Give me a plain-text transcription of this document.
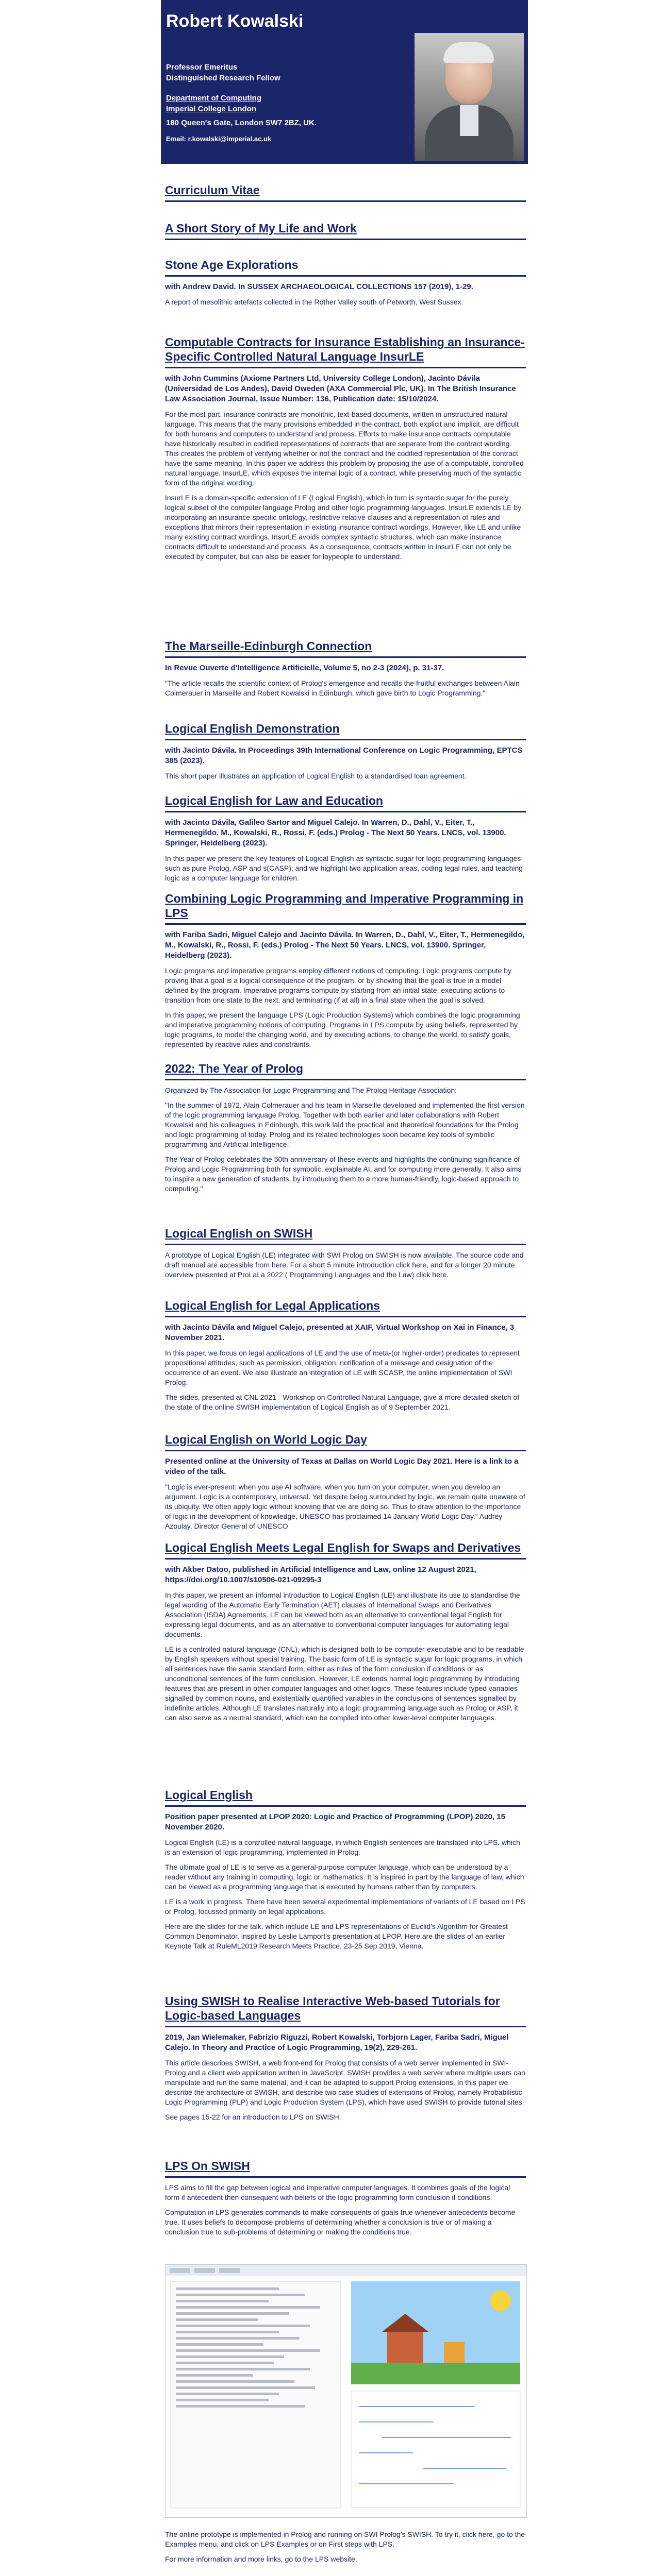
Robert Kowalski
Professor Emeritus
Distinguished Research Fellow
Department of Computing
Imperial College London
180 Queen's Gate, London SW7 2BZ, UK.
Email: r.kowalski@imperial.ac.uk
Curriculum Vitae
A Short Story of My Life and Work
Stone Age Explorations
with Andrew David. In SUSSEX ARCHAEOLOGICAL COLLECTIONS 157 (2019), 1-29.

A report of mesolithic artefacts collected in the Rother Valley south of Petworth, West Sussex.

Computable Contracts for Insurance Establishing an Insurance-Specific Controlled Natural Language InsurLE
with John Cummins (Axiome Partners Ltd, University College London), Jacinto Dávila (Universidad de Los Andes), David Oweden (AXA Commercial Plc, UK). In The British Insurance Law Association Journal, Issue Number: 136, Publication date: 15/10/2024.

For the most part, insurance contracts are monolithic, text-based documents, written in unstructured natural language. This means that the many provisions embedded in the contract, both explicit and implicit, are difficult for both humans and computers to understand and process. Efforts to make insurance contracts computable have historically resulted in codified representations of contracts that are separate from the contract wording. This creates the problem of verifying whether or not the contract and the codified representation of the contract have the same meaning. In this paper we address this problem by proposing the use of a computable, controlled natural language, InsurLE, which exposes the internal logic of a contract, while preserving much of the syntactic form of the original wording.

InsurLE is a domain-specific extension of LE (Logical English), which in turn is syntactic sugar for the purely logical subset of the computer language Prolog and other logic programming languages. InsurLE extends LE by incorporating an insurance-specific ontology, restrictive relative clauses and a representation of rules and exceptions that mirrors their representation in existing insurance contract wordings. However, like LE and unlike many existing contract wordings, InsurLE avoids complex syntactic structures, which can make insurance contracts difficult to understand and process. As a consequence, contracts written in InsurLE can not only be executed by computer, but can also be easier for laypeople to understand.

The Marseille-Edinburgh Connection
In Revue Ouverte d'Intelligence Artificielle, Volume 5, no 2-3 (2024), p. 31-37.

"The article recalls the scientific context of Prolog's emergence and recalls the fruitful exchanges between Alain Colmerauer in Marseille and Robert Kowalski in Edinburgh, which gave birth to Logic Programming."

Logical English Demonstration
with Jacinto Dávila. In Proceedings 39th International Conference on Logic Programming, EPTCS 385 (2023).

This short paper illustrates an application of Logical English to a standardised loan agreement.

Logical English for Law and Education
with Jacinto Dávila, Galileo Sartor and Miguel Calejo. In Warren, D., Dahl, V., Eiter, T., Hermenegildo, M., Kowalski, R., Rossi, F. (eds.) Prolog - The Next 50 Years. LNCS, vol. 13900. Springer, Heidelberg (2023).

In this paper we present the key features of Logical English as syntactic sugar for logic programming languages such as pure Prolog, ASP and s(CASP); and we highlight two application areas, coding legal rules, and teaching logic as a computer language for children.

Combining Logic Programming and Imperative Programming in LPS
with Fariba Sadri, Miguel Calejo and Jacinto Dávila. In Warren, D., Dahl, V., Eiter, T., Hermenegildo, M., Kowalski, R., Rossi, F. (eds.) Prolog - The Next 50 Years. LNCS, vol. 13900. Springer, Heidelberg (2023).

Logic programs and imperative programs employ different notions of computing. Logic programs compute by proving that a goal is a logical consequence of the program, or by showing that the goal is true in a model defined by the program. Imperative programs compute by starting from an initial state, executing actions to transition from one state to the next, and terminating (if at all) in a final state when the goal is solved.

In this paper, we present the language LPS (Logic Production Systems) which combines the logic programming and imperative programming notions of computing. Programs in LPS compute by using beliefs, represented by logic programs, to model the changing world, and by executing actions, to change the world, to satisfy goals, represented by reactive rules and constraints.

2022: The Year of Prolog

Organized by The Association for Logic Programming and The Prolog Heritage Association:

"In the summer of 1972, Alain Colmerauer and his team in Marseille developed and implemented the first version of the logic programming language Prolog. Together with both earlier and later collaborations with Robert Kowalski and his colleagues in Edinburgh, this work laid the practical and theoretical foundations for the Prolog and logic programming of today. Prolog and its related technologies soon became key tools of symbolic programming and Artificial Intelligence.

The Year of Prolog celebrates the 50th anniversary of these events and highlights the continuing significance of Prolog and Logic Programming both for symbolic, explainable AI, and for computing more generally. It also aims to inspire a new generation of students, by introducing them to a more human-friendly, logic-based approach to computing."

Logical English on SWISH

A prototype of Logical English (LE) integrated with SWI Prolog on SWISH is now available. The source code and draft manual are accessible from here. For a short 5 minute introduction click here, and for a longer 20 minute overview presented at ProLaLa 2022 ( Programming Languages and the Law) click here.

Logical English for Legal Applications
with Jacinto Dávila and Miguel Calejo, presented at XAIF, Virtual Workshop on Xai in Finance, 3 November 2021.

In this paper, we focus on legal applications of LE and the use of meta-(or higher-order) predicates to represent propositional attitudes, such as permission, obligation, notification of a message and designation of the occurrence of an event. We also illustrate an integration of LE with SCASP, the online implementation of SWI Prolog.

The slides, presented at CNL 2021 - Workshop on Controlled Natural Language, give a more detailed sketch of the state of the online SWISH implementation of Logical English as of 9 September 2021.

Logical English on World Logic Day
Presented online at the University of Texas at Dallas on World Logic Day 2021. Here is a link to a video of the talk.

"Logic is ever-present: when you use AI software, when you turn on your computer, when you develop an argument. Logic is a contemporary, universal. Yet despite being surrounded by logic, we remain quite unaware of its ubiquity. We often apply logic without knowing that we are doing so. Thus to draw attention to the importance of logic in the development of knowledge, UNESCO has proclaimed 14 January World Logic Day." Audrey Azoulay, Director General of UNESCO

Logical English Meets Legal English for Swaps and Derivatives
with Akber Datoo, published in Artificial Intelligence and Law, online 12 August 2021, https://doi.org/10.1007/s10506-021-09295-3

In this paper, we present an informal introduction to Logical English (LE) and illustrate its use to standardise the legal wording of the Automatic Early Termination (AET) clauses of International Swaps and Derivatives Association (ISDA) Agreements. LE can be viewed both as an alternative to conventional legal English for expressing legal documents, and as an alternative to conventional computer languages for automating legal documents.

LE is a controlled natural language (CNL), which is designed both to be computer-executable and to be readable by English speakers without special training. The basic form of LE is syntactic sugar for logic programs, in which all sentences have the same standard form, either as rules of the form conclusion if conditions or as unconditional sentences of the form conclusion. However, LE extends normal logic programming by introducing features that are present in other computer languages and other logics. These features include typed variables signalled by common nouns, and existentially quantified variables in the conclusions of sentences signalled by indefinite articles. Although LE translates naturally into a logic programming language such as Prolog or ASP, it can also serve as a neutral standard, which can be compiled into other lower-level computer languages.

Logical English
Position paper presented at LPOP 2020: Logic and Practice of Programming (LPOP) 2020, 15 November 2020.

Logical English (LE) is a controlled natural language, in which English sentences are translated into LPS, which is an extension of logic programming, implemented in Prolog.

The ultimate goal of LE is to serve as a general-purpose computer language, which can be understood by a reader without any training in computing, logic or mathematics. It is inspired in part by the language of law, which can be viewed as a programming language that is executed by humans rather than by computers.

LE is a work in progress. There have been several experimental implementations of variants of LE based on LPS or Prolog, focussed primarily on legal applications.

Here are the slides for the talk, which include LE and LPS representations of Euclid's Algorithm for Greatest Common Denominator, inspired by Leslie Lamport's presentation at LPOP. Here are the slides of an earlier Keynote Talk at RuleML2019 Research Meets Practice, 23-25 Sep 2019, Vienna.

Using SWISH to Realise Interactive Web-based Tutorials for Logic-based Languages
2019, Jan Wielemaker, Fabrizio Riguzzi, Robert Kowalski, Torbjorn Lager, Fariba Sadri, Miguel Calejo. In Theory and Practice of Logic Programming, 19(2), 229-261.

This article describes SWISH, a web front-end for Prolog that consists of a web server implemented in SWI-Prolog and a client web application written in JavaScript. SWISH provides a web server where multiple users can manipulate and run the same material, and it can be adapted to support Prolog extensions. In this paper we describe the architecture of SWISH, and describe two case studies of extensions of Prolog, namely Probabilistic Logic Programming (PLP) and Logic Production System (LPS), which have used SWISH to provide tutorial sites.

See pages 15-22 for an introduction to LPS on SWISH.

LPS On SWISH

LPS aims to fill the gap between logical and imperative computer languages. It combines goals of the logical form if antecedent then consequent with beliefs of the logic programming form conclusion if conditions.

Computation in LPS generates commands to make consequents of goals true whenever antecedents become true. It uses beliefs to decompose problems of determining whether a conclusion is true or of making a conclusion true to sub-problems of determining or making the conditions true.

The online prototype is implemented in Prolog and running on SWI Prolog's SWISH. To try it, click here, go to the Examples menu, and click on LPS Examples or on First steps with LPS.

For more information and more links, go to the LPS website.
